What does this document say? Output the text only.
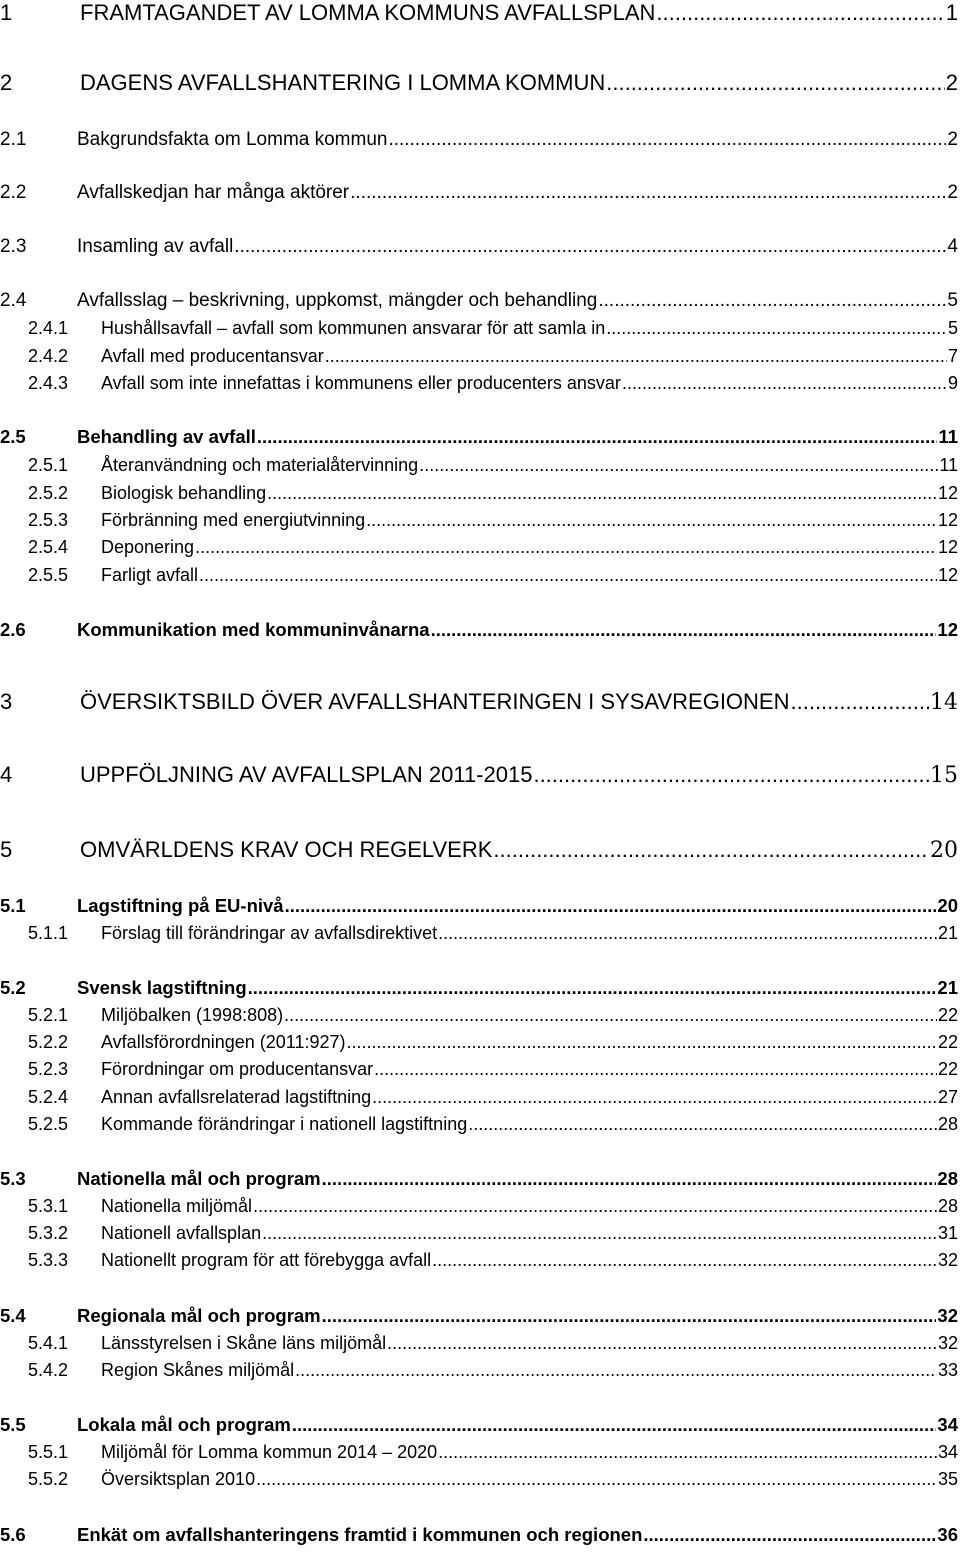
1	FRAMTAGANDET AV LOMMA KOMMUNS AVFALLSPLAN .....	1
2	DAGENS AVFALLSHANTERING I LOMMA KOMMUN .....	2
2.1	Bakgrundsfakta om Lomma kommun .....	2
2.2	Avfallskedjan har många aktörer .....	2
2.3	Insamling av avfall .....	4
2.4	Avfallsslag – beskrivning, uppkomst, mängder och behandling .....	5
2.4.1	Hushållsavfall – avfall som kommunen ansvarar för att samla in .....	5
2.4.2	Avfall med producentansvar .....	7
2.4.3	Avfall som inte innefattas i kommunens eller producenters ansvar .....	9
2.5	Behandling av avfall .....	11
2.5.1	Återanvändning och materialåtervinning .....	11
2.5.2	Biologisk behandling .....	12
2.5.3	Förbränning med energiutvinning .....	12
2.5.4	Deponering .....	12
2.5.5	Farligt avfall .....	12
2.6	Kommunikation med kommuninvånarna .....	12
3	ÖVERSIKTSBILD ÖVER AVFALLSHANTERINGEN I SYSAVREGIONEN .....	14
4	UPPFÖLJNING AV AVFALLSPLAN 2011-2015 .....	15
5	OMVÄRLDENS KRAV OCH REGELVERK .....	20
5.1	Lagstiftning på EU-nivå .....	20
5.1.1	Förslag till förändringar av avfallsdirektivet .....	21
5.2	Svensk lagstiftning .....	21
5.2.1	Miljöbalken (1998:808) .....	22
5.2.2	Avfallsförordningen (2011:927) .....	22
5.2.3	Förordningar om producentansvar .....	22
5.2.4	Annan avfallsrelaterad lagstiftning .....	27
5.2.5	Kommande förändringar i nationell lagstiftning .....	28
5.3	Nationella mål och program .....	28
5.3.1	Nationella miljömål .....	28
5.3.2	Nationell avfallsplan .....	31
5.3.3	Nationellt program för att förebygga avfall .....	32
5.4	Regionala mål och program .....	32
5.4.1	Länsstyrelsen i Skåne läns miljömål .....	32
5.4.2	Region Skånes miljömål .....	33
5.5	Lokala mål och program .....	34
5.5.1	Miljömål för Lomma kommun 2014 – 2020 .....	34
5.5.2	Översiktsplan 2010 .....	35
5.6	Enkät om avfallshanteringens framtid i kommunen och regionen .....	36
